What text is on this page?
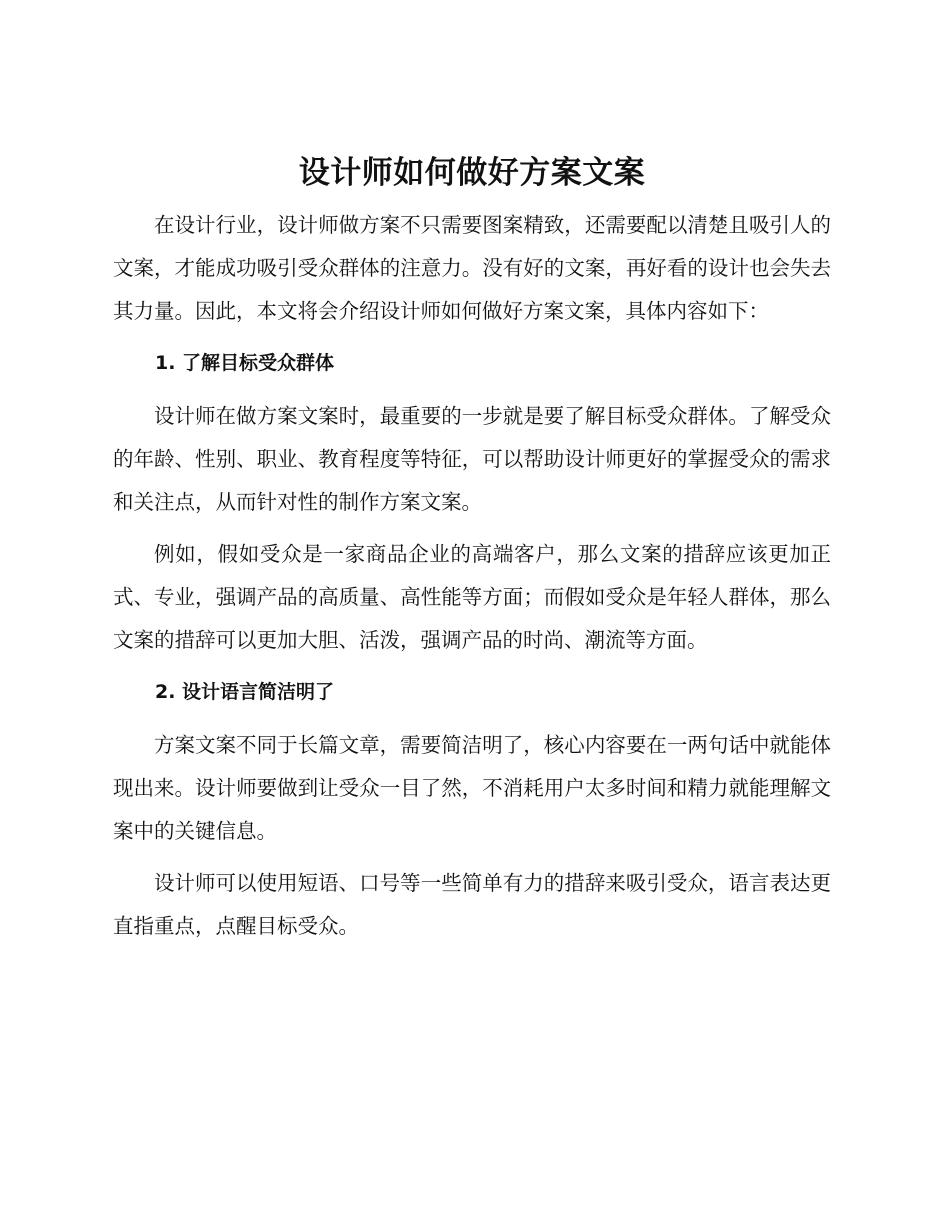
设计师如何做好方案文案

在设计行业，设计师做方案不只需要图案精致，还需要配以清楚且吸引人的文案，才能成功吸引受众群体的注意力。没有好的文案，再好看的设计也会失去其力量。因此，本文将会介绍设计师如何做好方案文案，具体内容如下：

1. 了解目标受众群体

设计师在做方案文案时，最重要的一步就是要了解目标受众群体。了解受众的年龄、性别、职业、教育程度等特征，可以帮助设计师更好的掌握受众的需求和关注点，从而针对性的制作方案文案。

例如，假如受众是一家商品企业的高端客户，那么文案的措辞应该更加正式、专业，强调产品的高质量、高性能等方面；而假如受众是年轻人群体，那么文案的措辞可以更加大胆、活泼，强调产品的时尚、潮流等方面。

2. 设计语言简洁明了

方案文案不同于长篇文章，需要简洁明了，核心内容要在一两句话中就能体现出来。设计师要做到让受众一目了然，不消耗用户太多时间和精力就能理解文案中的关键信息。

设计师可以使用短语、口号等一些简单有力的措辞来吸引受众，语言表达更直指重点，点醒目标受众。
